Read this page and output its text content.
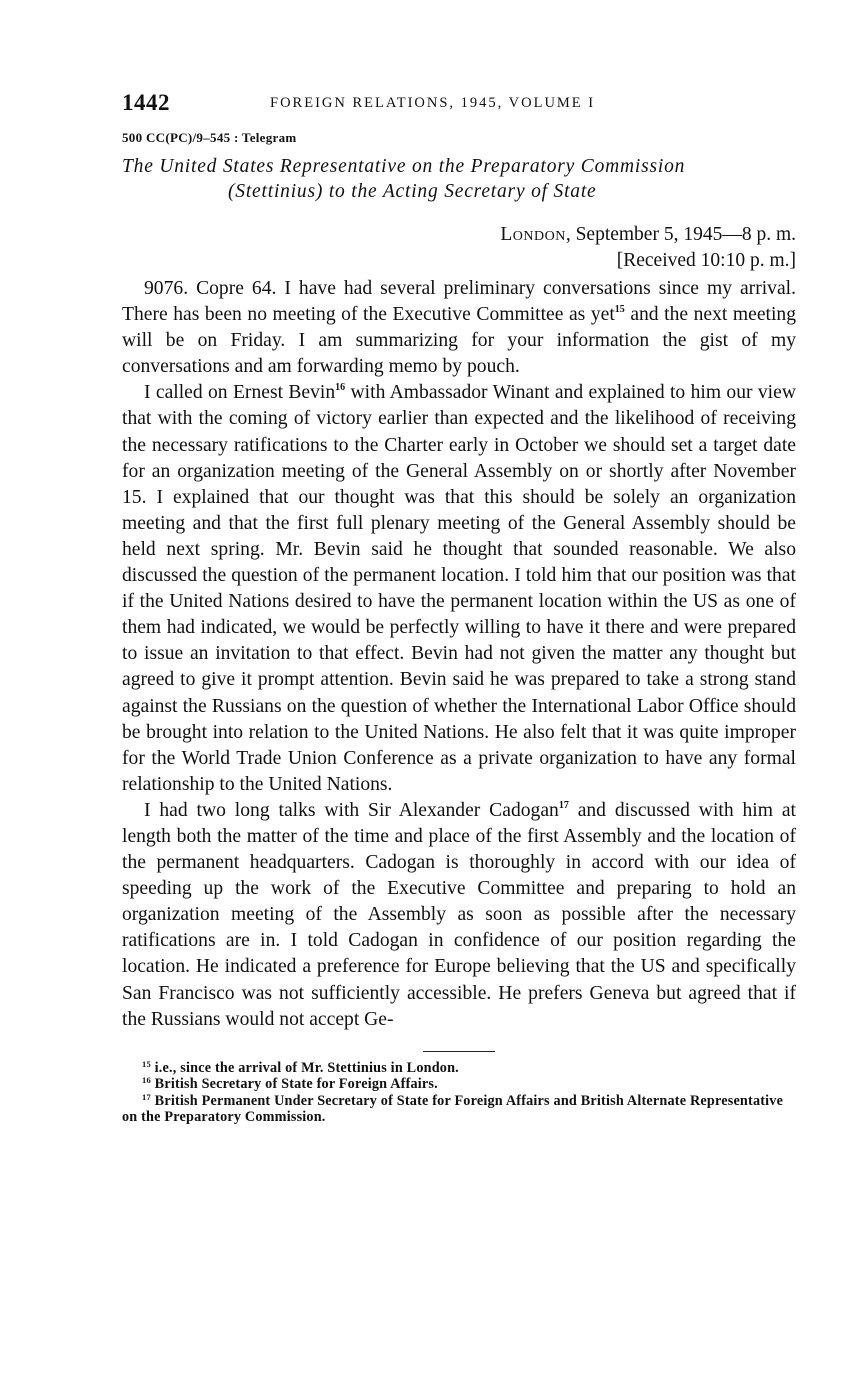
1442	FOREIGN RELATIONS, 1945, VOLUME I
500 CC(PC)/9–545 : Telegram
The United States Representative on the Preparatory Commission
(Stettinius) to the Acting Secretary of State
London, September 5, 1945—8 p. m.
[Received 10:10 p. m.]

9076. Copre 64. I have had several preliminary conversations since my arrival. There has been no meeting of the Executive Committee as yet$^{15}$ and the next meeting will be on Friday. I am summarizing for your information the gist of my conversations and am forwarding memo by pouch.

I called on Ernest Bevin$^{16}$ with Ambassador Winant and explained to him our view that with the coming of victory earlier than expected and the likelihood of receiving the necessary ratifications to the Charter early in October we should set a target date for an organization meeting of the General Assembly on or shortly after November 15. I explained that our thought was that this should be solely an organization meeting and that the first full plenary meeting of the General Assembly should be held next spring. Mr. Bevin said he thought that sounded reasonable. We also discussed the question of the permanent location. I told him that our position was that if the United Nations desired to have the permanent location within the US as one of them had indicated, we would be perfectly willing to have it there and were prepared to issue an invitation to that effect. Bevin had not given the matter any thought but agreed to give it prompt attention. Bevin said he was prepared to take a strong stand against the Russians on the question of whether the International Labor Office should be brought into relation to the United Nations. He also felt that it was quite improper for the World Trade Union Conference as a private organization to have any formal relationship to the United Nations.

I had two long talks with Sir Alexander Cadogan$^{17}$ and discussed with him at length both the matter of the time and place of the first Assembly and the location of the permanent headquarters. Cadogan is thoroughly in accord with our idea of speeding up the work of the Executive Committee and preparing to hold an organization meeting of the Assembly as soon as possible after the necessary ratifications are in. I told Cadogan in confidence of our position regarding the location. He indicated a preference for Europe believing that the US and specifically San Francisco was not sufficiently accessible. He prefers Geneva but agreed that if the Russians would not accept Ge-

$^{15}$ i.e., since the arrival of Mr. Stettinius in London.
$^{16}$ British Secretary of State for Foreign Affairs.
$^{17}$ British Permanent Under Secretary of State for Foreign Affairs and British Alternate Representative on the Preparatory Commission.
